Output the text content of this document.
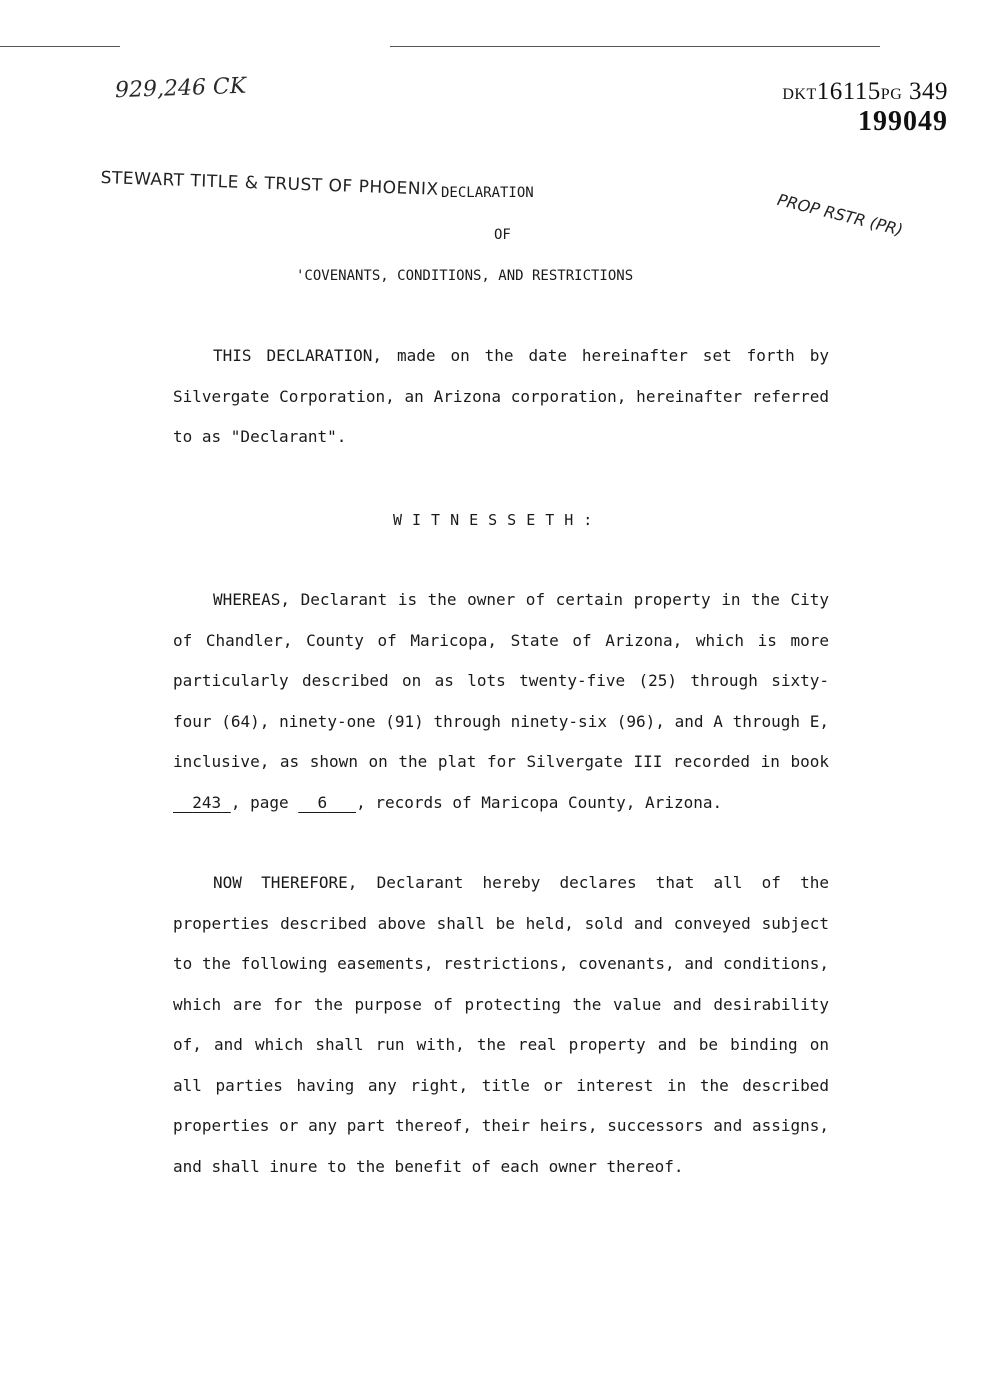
929,246 CK	DKT16115PG 349
199049
STEWART TITLE & TRUST OF PHOENIX
PROP RSTR (PR)
DECLARATION
OF
'COVENANTS, CONDITIONS, AND RESTRICTIONS
THIS DECLARATION, made on the date hereinafter set forth by Silvergate Corporation, an Arizona corporation, hereinafter referred to as "Declarant".
WITNESSETH:
WHEREAS, Declarant is the owner of certain property in the City of Chandler, County of Maricopa, State of Arizona, which is more particularly described on as lots twenty-five (25) through sixty-four (64), ninety-one (91) through ninety-six (96), and A through E, inclusive, as shown on the plat for Silvergate III recorded in book   243 , page 6 , records of Maricopa County, Arizona.
NOW THEREFORE, Declarant hereby declares that all of the properties described above shall be held, sold and conveyed subject to the following easements, restrictions, covenants, and conditions, which are for the purpose of protecting the value and desirability of, and which shall run with, the real property and be binding on all parties having any right, title or interest in the described properties or any part thereof, their heirs, successors and assigns, and shall inure to the benefit of each owner thereof.
